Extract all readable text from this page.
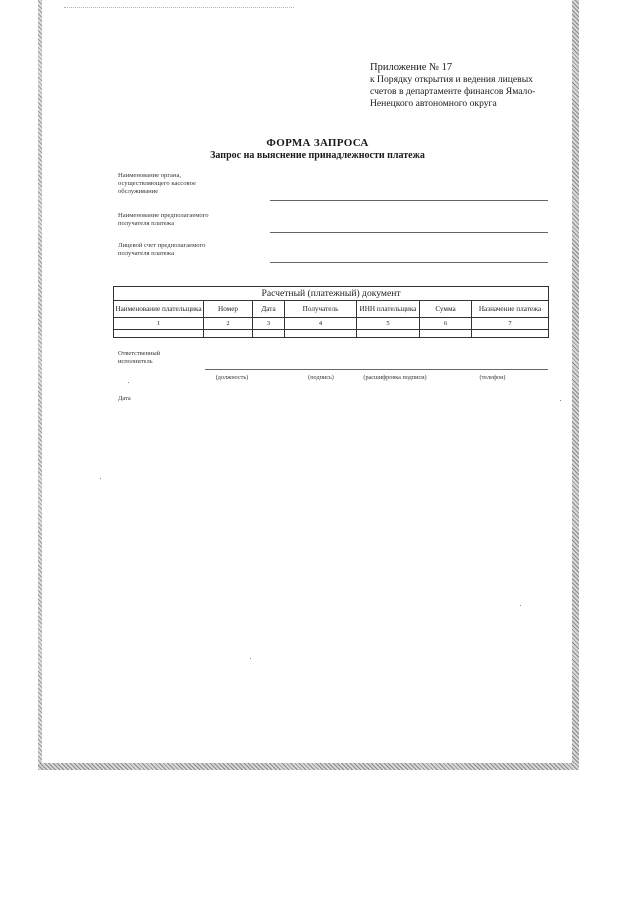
Приложение № 17
к Порядку открытия и ведения лицевых
счетов в департаменте финансов Ямало-
Ненецкого автономного округа
ФОРМА ЗАПРОСА
Запрос на выяснение принадлежности платежа
Наименование органа,
осуществляющего кассовое
обслуживание
Наименование предполагаемого
получателя платежа
Лицевой счет предполагаемого
получателя платежа
Расчетный (платежный) документ						
Наименование плательщика	Номер	Дата	Получатель	ИНН плательщика	Сумма	Назначение платежа
1	2	3	4	5	6	7

Ответственный
исполнитель
(должность)	(подпись)	(расшифровка подписи)	(телефон)
Дата
